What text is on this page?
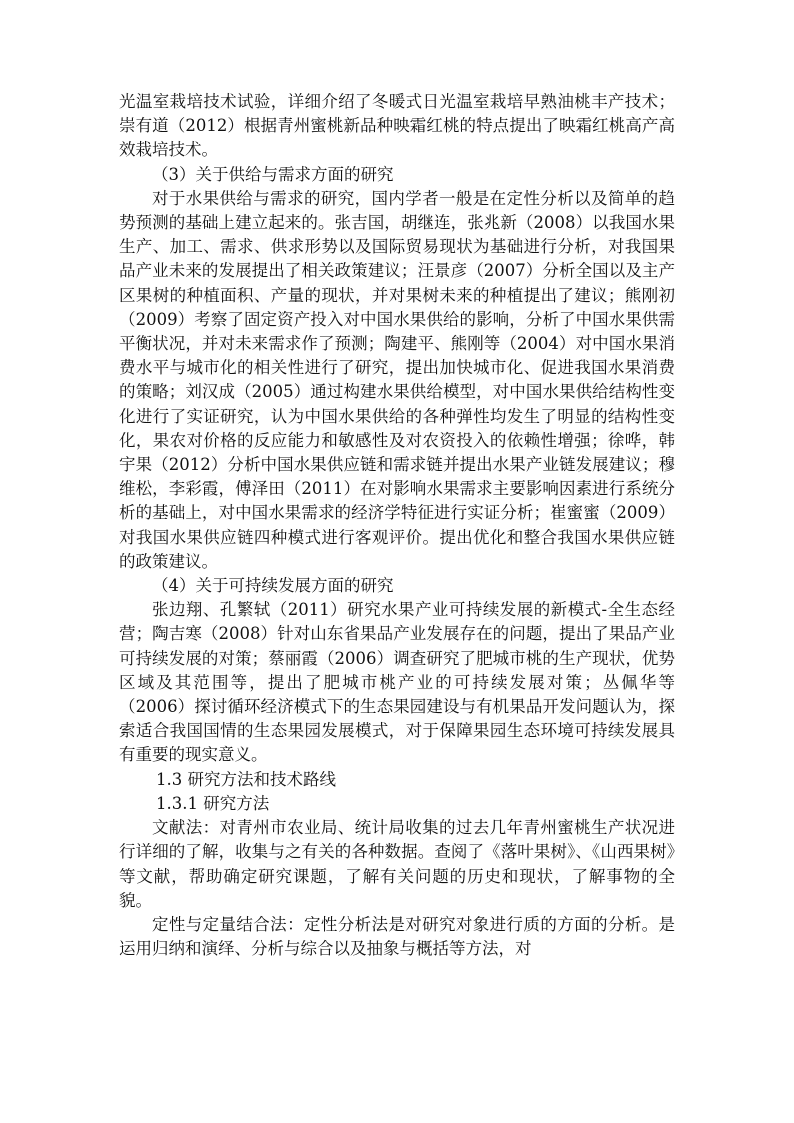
光温室栽培技术试验，详细介绍了冬暖式日光温室栽培早熟油桃丰产技术；崇有道（2012）根据青州蜜桃新品种映霜红桃的特点提出了映霜红桃高产高效栽培技术。

（3）关于供给与需求方面的研究

对于水果供给与需求的研究，国内学者一般是在定性分析以及简单的趋势预测的基础上建立起来的。张吉国，胡继连，张兆新（2008）以我国水果生产、加工、需求、供求形势以及国际贸易现状为基础进行分析，对我国果品产业未来的发展提出了相关政策建议；汪景彦（2007）分析全国以及主产区果树的种植面积、产量的现状，并对果树未来的种植提出了建议；熊刚初（2009）考察了固定资产投入对中国水果供给的影响，分析了中国水果供需平衡状况，并对未来需求作了预测；陶建平、熊刚等（2004）对中国水果消费水平与城市化的相关性进行了研究，提出加快城市化、促进我国水果消费的策略；刘汉成（2005）通过构建水果供给模型，对中国水果供给结构性变化进行了实证研究，认为中国水果供给的各种弹性均发生了明显的结构性变化，果农对价格的反应能力和敏感性及对农资投入的依赖性增强；徐哗，韩宇果（2012）分析中国水果供应链和需求链并提出水果产业链发展建议；穆维松，李彩霞，傅泽田（2011）在对影响水果需求主要影响因素进行系统分析的基础上，对中国水果需求的经济学特征进行实证分析；崔蜜蜜（2009）对我国水果供应链四种模式进行客观评价。提出优化和整合我国水果供应链的政策建议。

（4）关于可持续发展方面的研究

张边翔、孔繁轼（2011）研究水果产业可持续发展的新模式-全生态经营；陶吉寒（2008）针对山东省果品产业发展存在的问题，提出了果品产业可持续发展的对策；蔡丽霞（2006）调查研究了肥城市桃的生产现状，优势区域及其范围等，提出了肥城市桃产业的可持续发展对策；丛佩华等（2006）探讨循环经济模式下的生态果园建设与有机果品开发问题认为，探索适合我国国情的生态果园发展模式，对于保障果园生态环境可持续发展具有重要的现实意义。

1.3 研究方法和技术路线

1.3.1 研究方法

文献法：对青州市农业局、统计局收集的过去几年青州蜜桃生产状况进行详细的了解，收集与之有关的各种数据。查阅了《落叶果树》、《山西果树》等文献，帮助确定研究课题，了解有关问题的历史和现状，了解事物的全貌。

定性与定量结合法：定性分析法是对研究对象进行质的方面的分析。是运用归纳和演绎、分析与综合以及抽象与概括等方法，对
